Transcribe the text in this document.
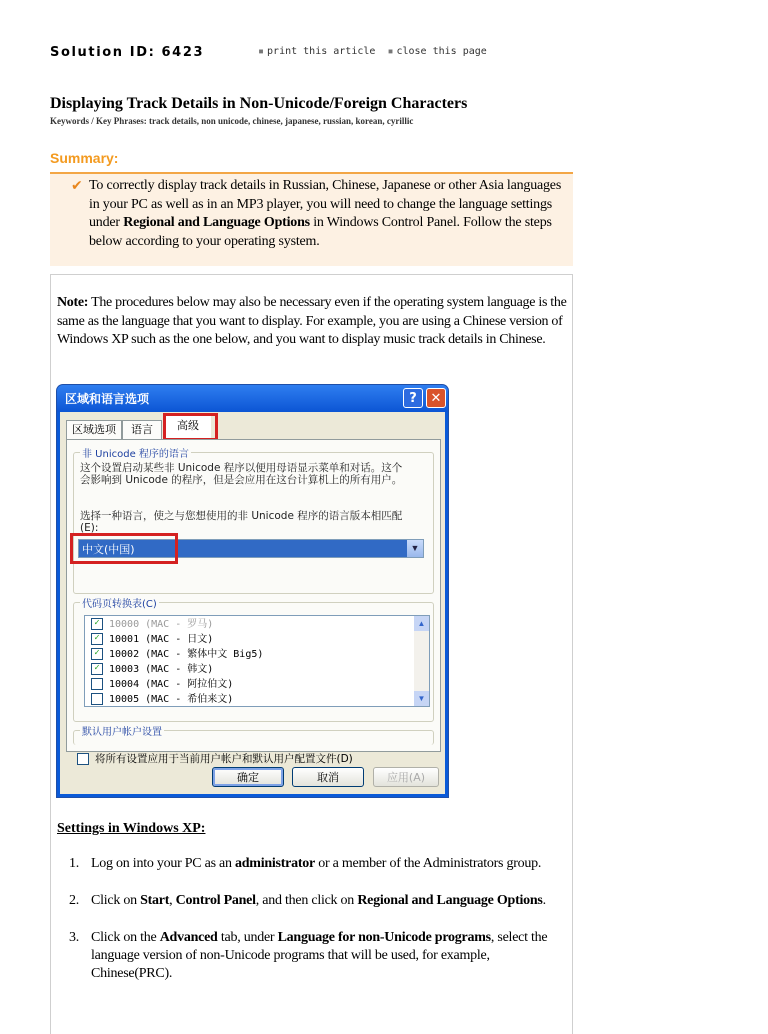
Solution ID: 6423	▪ print this article ▪ close this page
Displaying Track Details in Non-Unicode/Foreign Characters
Keywords / Key Phrases: track details, non unicode, chinese, japanese, russian, korean, cyrillic
Summary:
✔ To correctly display track details in Russian, Chinese, Japanese or other Asia languages in your PC as well as in an MP3 player, you will need to change the language settings under Regional and Language Options in Windows Control Panel. Follow the steps below according to your operating system.
Note: The procedures below may also be necessary even if the operating system language is the same as the language that you want to display. For example, you are using a Chinese version of Windows XP such as the one below, and you want to display music track details in Chinese.
区域和语言选项	?	✕
区域选项	语言	高级
非 Unicode 程序的语言
这个设置启动某些非 Unicode 程序以便用母语显示菜单和对话。这个会影响到 Unicode 的程序，但是会应用在这台计算机上的所有用户。
选择一种语言，使之与您想使用的非 Unicode 程序的语言版本相匹配(E):
中文(中国)	▼
代码页转换表(C)
✓ 10000 (MAC - 罗马)
✓ 10001 (MAC - 日文)
✓ 10002 (MAC - 繁体中文 Big5)
✓ 10003 (MAC - 韩文)
10004 (MAC - 阿拉伯文)
10005 (MAC - 希伯来文)
▲
▼
默认用户帐户设置
将所有设置应用于当前用户帐户和默认用户配置文件(D)
确定	取消	应用(A)
Settings in Windows XP:
1. Log on into your PC as an administrator or a member of the Administrators group.
2. Click on Start, Control Panel, and then click on Regional and Language Options.
3. Click on the Advanced tab, under Language for non-Unicode programs, select the language version of non-Unicode programs that will be used, for example, Chinese(PRC).
